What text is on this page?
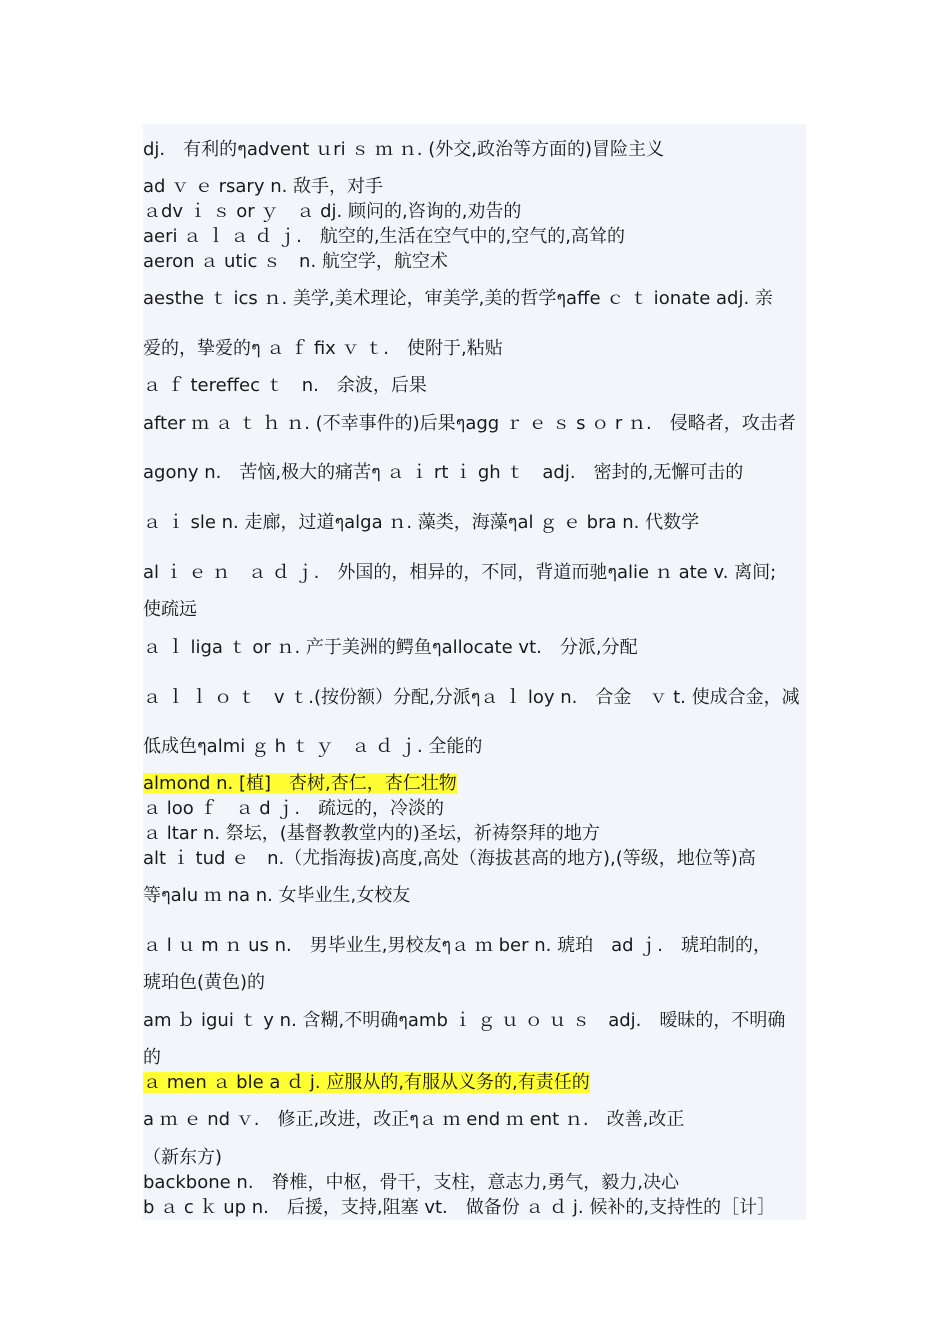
dj.　有利的ๆadvent ｕri ｓ ｍ ｎ. (外交,政治等方面的)冒险主义
ad ｖ ｅ rsary n. 敌手，对手
ａdv ｉ ｓ or ｙ　ａ dj. 顾问的,咨询的,劝告的
aeri ａ ｌ ａ ｄ ｊ.　航空的,生活在空气中的,空气的,高耸的
aeron ａ utic ｓ　n. 航空学，航空术
aesthe ｔ ics ｎ. 美学,美术理论，审美学,美的哲学ๆaffe ｃ ｔ ionate adj. 亲
爱的，挚爱的ๆ ａ ｆ fix ｖ ｔ.　使附于,粘贴
ａ ｆ tereffec ｔ　n.　余波，后果
after ｍ ａ ｔ ｈ ｎ. (不幸事件的)后果ๆagg ｒ ｅ ｓ s ｏ r ｎ.　侵略者，攻击者
agony n.　苦恼,极大的痛苦ๆ ａ ｉ rt ｉ gh ｔ　adj.　密封的,无懈可击的
ａ ｉ sle n. 走廊，过道ๆalga ｎ. 藻类，海藻ๆal ｇ ｅ bra n. 代数学
al ｉ ｅ ｎ　ａ ｄ ｊ.　外国的，相异的，不同，背道而驰ๆalie ｎ ate v. 离间;
使疏远
ａ ｌ liga ｔ or ｎ. 产于美洲的鳄鱼ๆallocate vt.　分派,分配
ａ ｌ ｌ ｏ ｔ　v ｔ.(按份额）分配,分派ๆａ ｌ loy n.　合金　ｖ t. 使成合金，减
低成色ๆalmi ｇ h ｔ ｙ　ａ ｄ ｊ. 全能的
almond n. [植]　杏树,杏仁，杏仁壮物
ａ loo ｆ　ａ d ｊ.　疏远的，冷淡的
ａ ltar n. 祭坛，(基督教教堂内的)圣坛，祈祷祭拜的地方
alt ｉ tud ｅ　n.（尤指海拔)高度,高处（海拔甚高的地方),(等级，地位等)高
等ๆalu ｍ na n. 女毕业生,女校友
ａ l ｕ m ｎ us n.　男毕业生,男校友ๆａ ｍ ber n. 琥珀　ad ｊ.　琥珀制的，
琥珀色(黄色)的
am ｂ igui ｔ y n. 含糊,不明确ๆamb ｉ ｇ ｕ ｏ ｕ ｓ　adj.　暧昧的，不明确
的
ａ men ａ ble a ｄ j. 应服从的,有服从义务的,有责任的
a ｍ ｅ nd ｖ.　修正,改进，改正ๆａ ｍ end ｍ ent ｎ.　改善,改正
（新东方)
backbone n.　脊椎，中枢，骨干，支柱，意志力,勇气，毅力,决心
b ａ c ｋ up n.　后援，支持,阻塞 vt.　做备份 ａ ｄ j. 候补的,支持性的［计］
